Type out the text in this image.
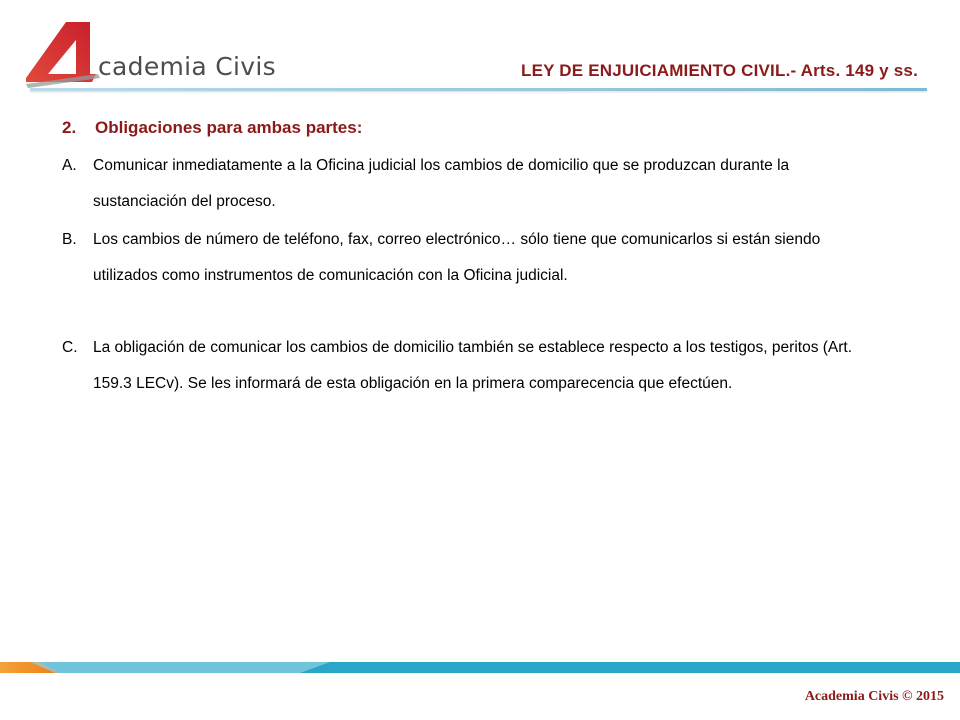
cademia Civis	LEY DE ENJUICIAMIENTO CIVIL.- Arts. 149 y ss.
2. Obligaciones para ambas partes:
A. Comunicar inmediatamente a la Oficina judicial los cambios de domicilio que se produzcan durante la sustanciación del proceso.
B. Los cambios de número de teléfono, fax, correo electrónico… sólo tiene que comunicarlos si están siendo utilizados como instrumentos de comunicación con la Oficina judicial.
C. La obligación de comunicar los cambios de domicilio también se establece respecto a los testigos, peritos (Art. 159.3 LECv). Se les informará de esta obligación en la primera comparecencia que efectúen.
Academia Civis © 2015
